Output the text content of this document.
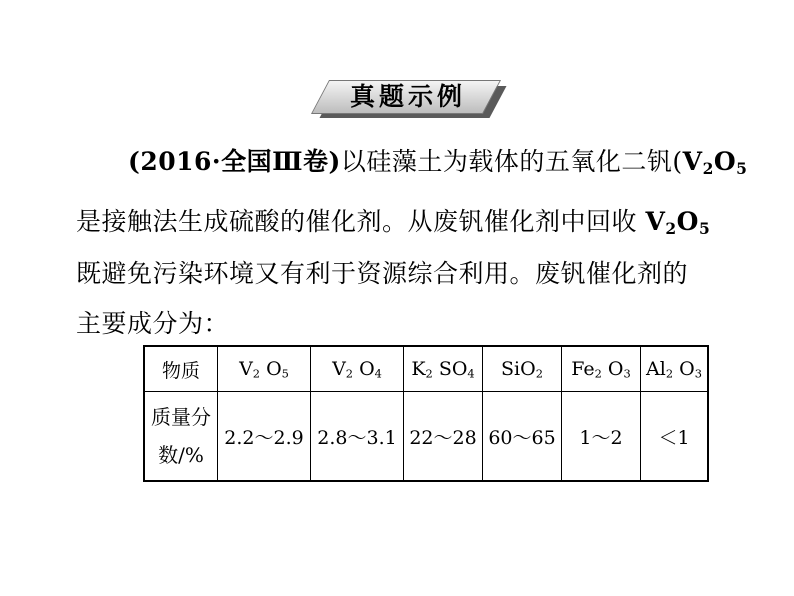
真题示例
(2016·全国Ⅲ卷)以硅藻土为载体的五氧化二钒($V_2O_5$
是接触法生成硫酸的催化剂。从废钒催化剂中回收 $V_2O_5$
既避免污染环境又有利于资源综合利用。废钒催化剂的
主要成分为：
物质	V2 O5	V2 O4	K2 SO4	SiO2	Fe2 O3	Al2 O3
质量分
数/%	2.2～2.9	2.8～3.1	22～28	60～65	1～2	＜1
